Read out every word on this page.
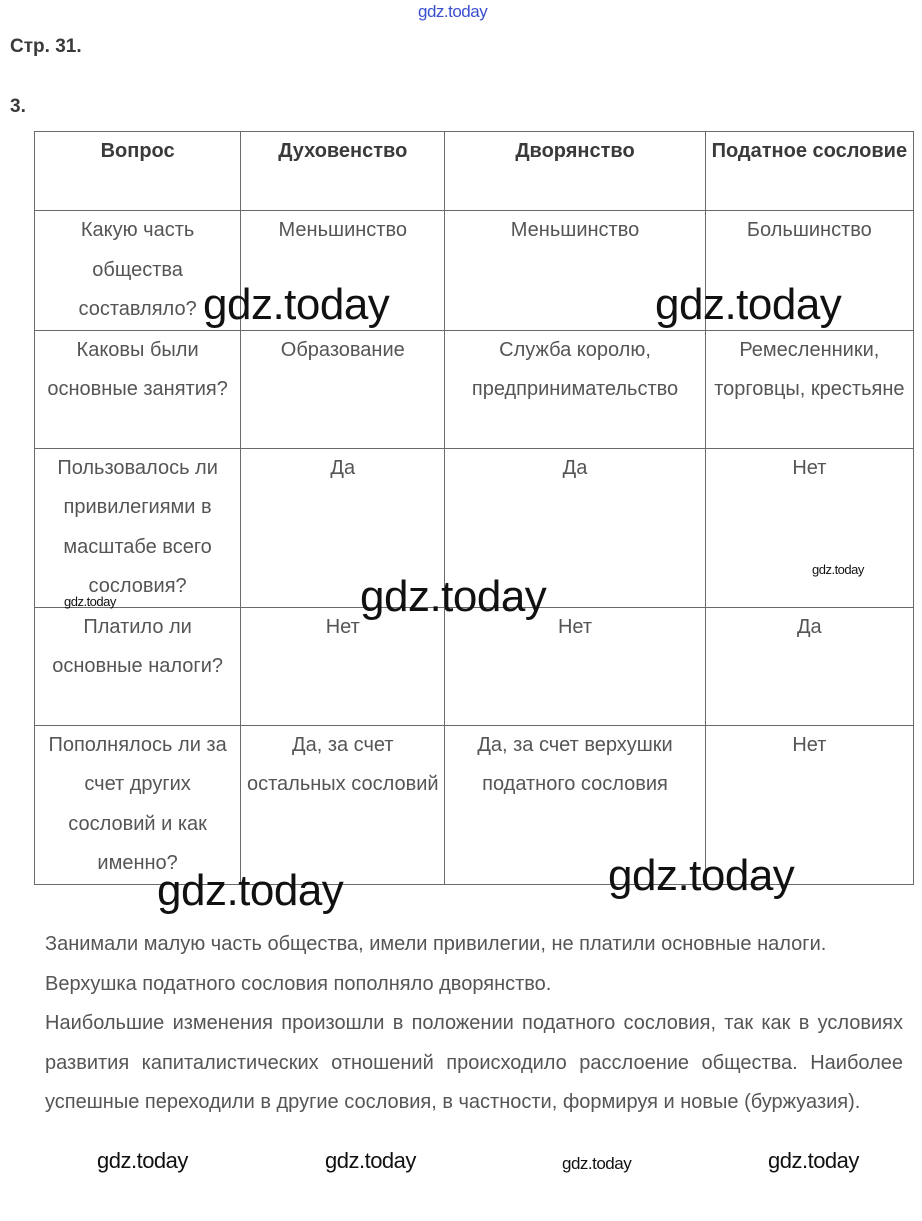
gdz.today
Стр. 31.
3.
Вопрос	Духовенство	Дворянство	Податное сословие

Какую часть общества составляло?	Меньшинство	Меньшинство	Большинство

Каковы были основные занятия?	Образование	Служба королю, предпринимательство	Ремесленники, торговцы, крестьяне

Пользовалось ли привилегиями в масштабе всего сословия?	Да	Да	Нет

Платило ли основные налоги?	Нет	Нет	Да

Пополнялось ли за счет других сословий и как именно?	Да, за счет остальных сословий	Да, за счет верхушки податного сословия	Нет

Занимали малую часть общества, имели привилегии, не платили основные налоги.

Верхушка податного сословия пополняло дворянство.

Наибольшие изменения произошли в положении податного сословия, так как в условиях развития капиталистических отношений происходило расслоение общества. Наиболее успешные переходили в другие сословия, в частности, формируя и новые (буржуазия).

gdz.today	gdz.today
gdz.today
gdz.today	gdz.today
gdz.today
gdz.today
gdz.today	gdz.today	gdz.today	gdz.today
